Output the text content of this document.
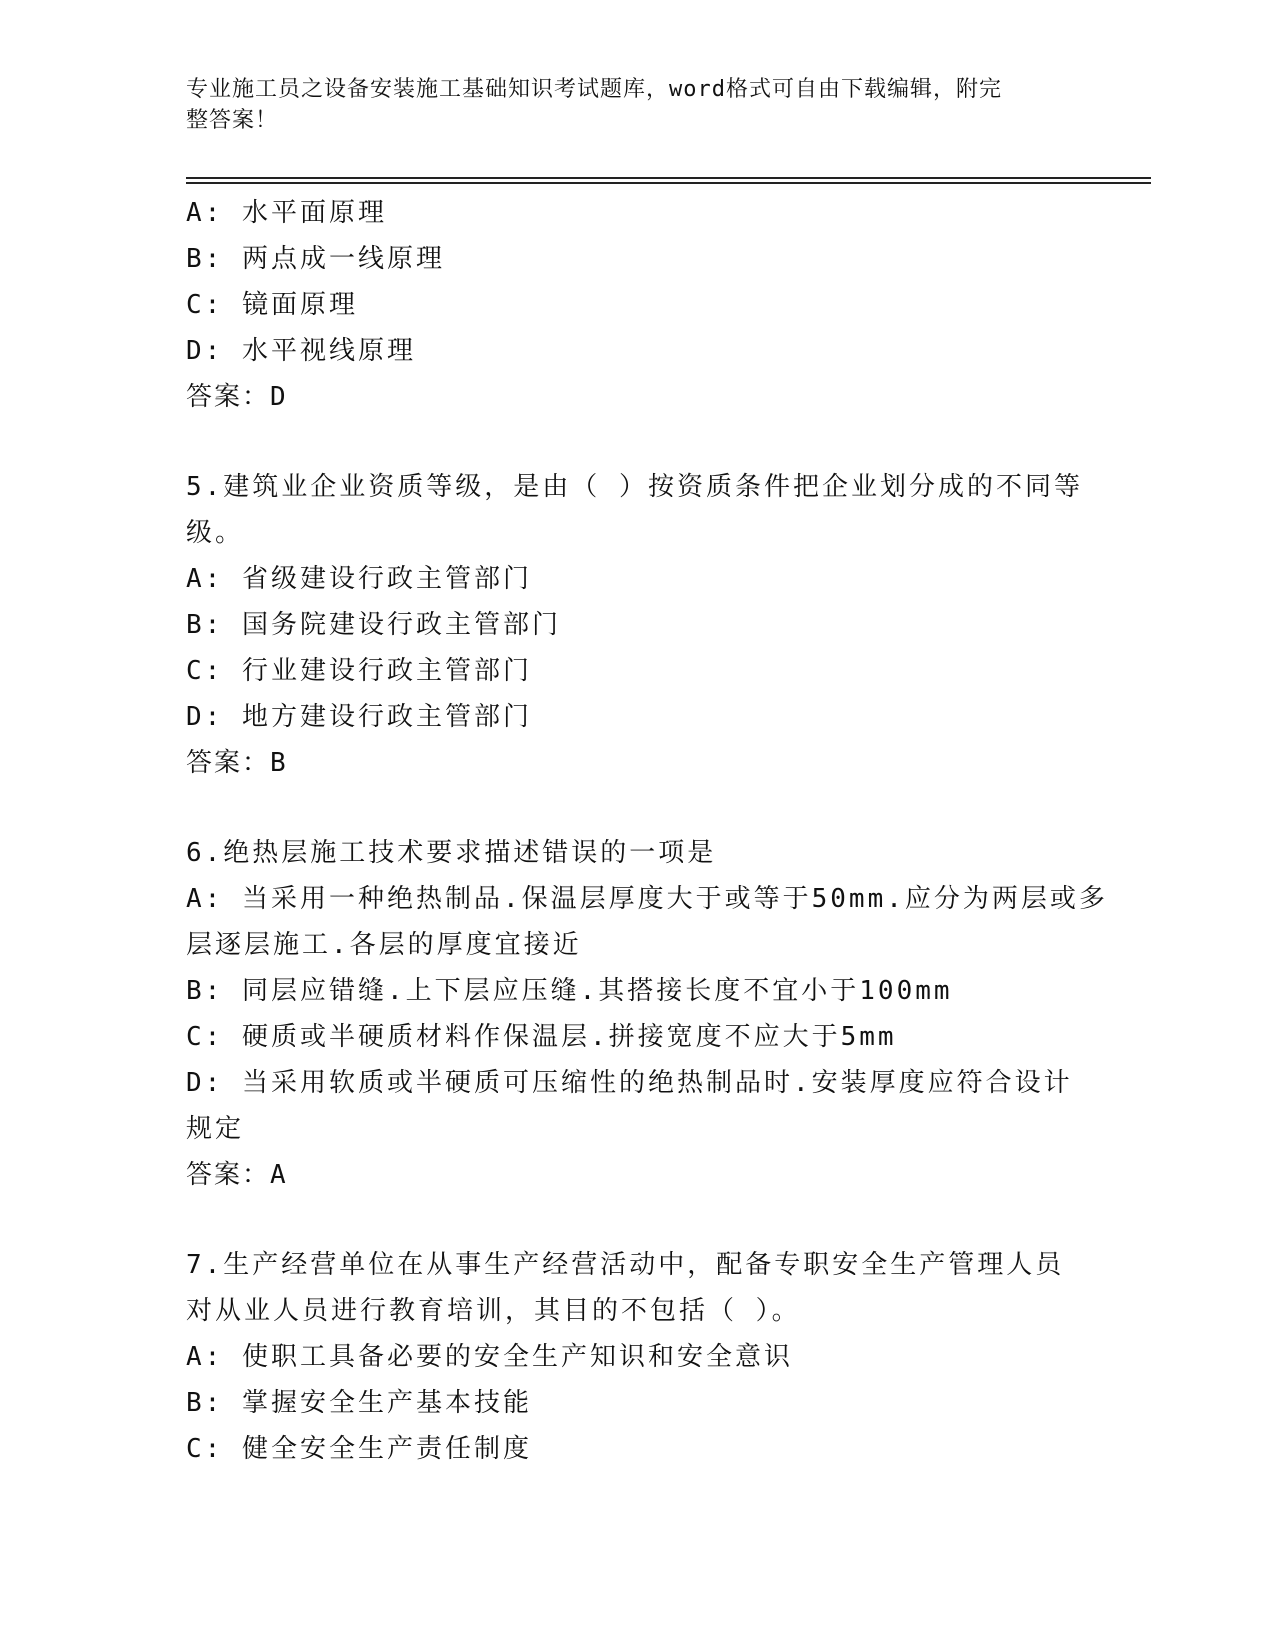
专业施工员之设备安装施工基础知识考试题库，word格式可自由下载编辑，附完
整答案！
A: 水平面原理
B: 两点成一线原理
C: 镜面原理
D: 水平视线原理
答案：D
5.建筑业企业资质等级，是由（ ）按资质条件把企业划分成的不同等
级。
A: 省级建设行政主管部门
B: 国务院建设行政主管部门
C: 行业建设行政主管部门
D: 地方建设行政主管部门
答案：B
6.绝热层施工技术要求描述错误的一项是
A: 当采用一种绝热制品.保温层厚度大于或等于50mm.应分为两层或多
层逐层施工.各层的厚度宜接近
B: 同层应错缝.上下层应压缝.其搭接长度不宜小于100mm
C: 硬质或半硬质材料作保温层.拼接宽度不应大于5mm
D: 当采用软质或半硬质可压缩性的绝热制品时.安装厚度应符合设计
规定
答案：A
7.生产经营单位在从事生产经营活动中，配备专职安全生产管理人员
对从业人员进行教育培训，其目的不包括（ ）。
A: 使职工具备必要的安全生产知识和安全意识
B: 掌握安全生产基本技能
C: 健全安全生产责任制度
